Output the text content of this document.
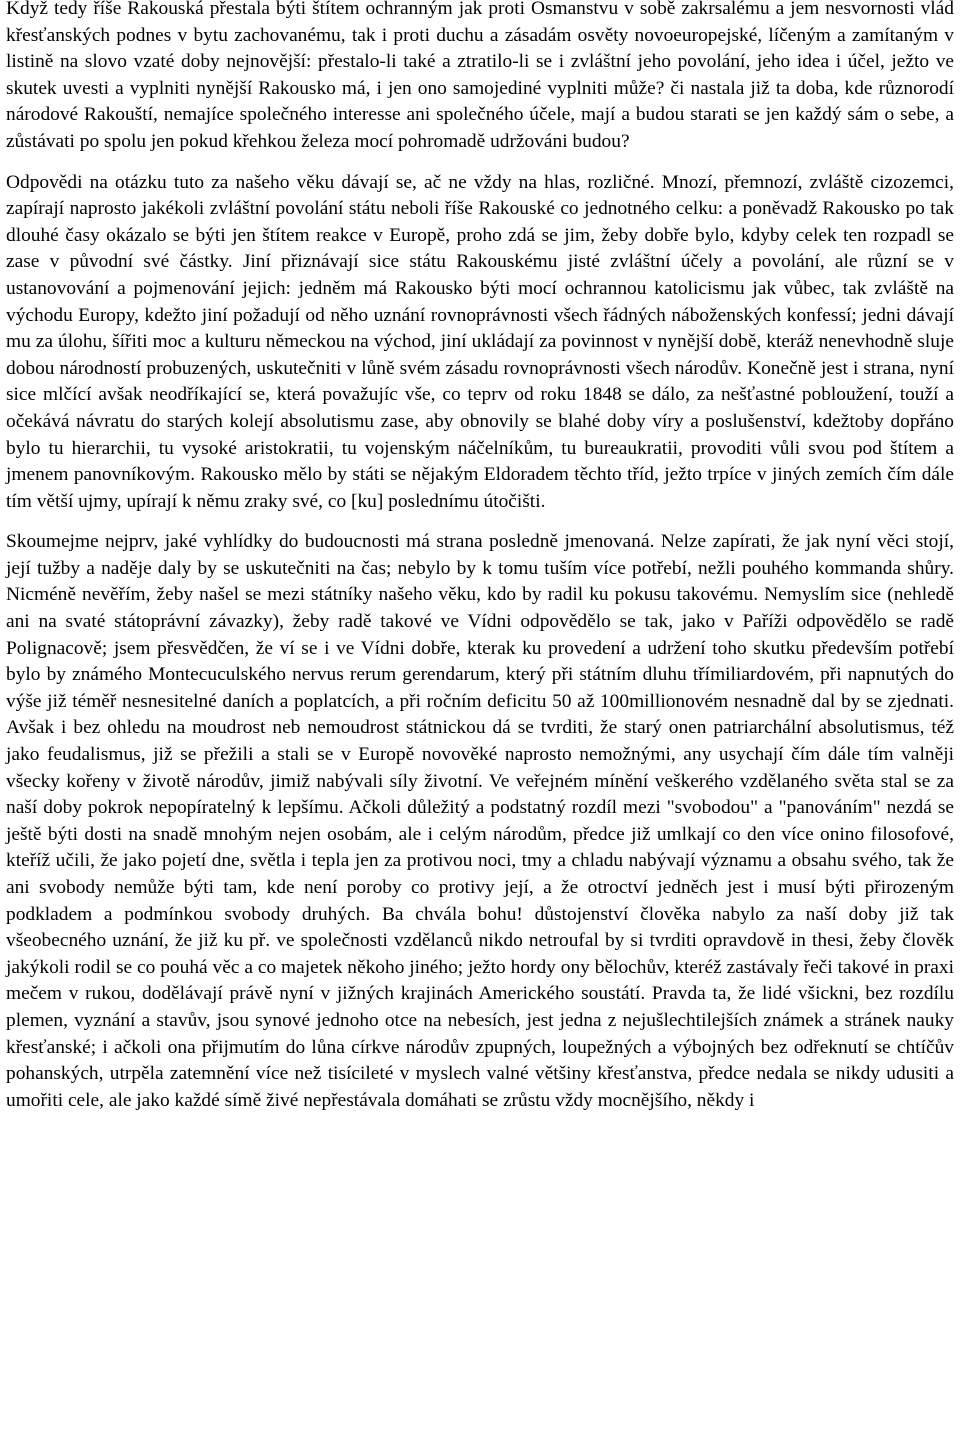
Když tedy říše Rakouská přestala býti štítem ochranným jak proti Osmanstvu v sobě zakrsalému a jem nesvornosti vlád křesťanských podnes v bytu zachovanému, tak i proti duchu a zásadám osvěty novoeuropejské, líčeným a zamítaným v listině na slovo vzaté doby nejnovější: přestalo-li také a ztratilo-li se i zvláštní jeho povolání, jeho idea i účel, ježto ve skutek uvesti a vyplniti nynější Rakousko má, i jen ono samojediné vyplniti může? či nastala již ta doba, kde různorodí národové Rakouští, nemajíce společného interesse ani společného účele, mají a budou starati se jen každý sám o sebe, a zůstávati po spolu jen pokud křehkou železa mocí pohromadě udržováni budou?

Odpovědi na otázku tuto za našeho věku dávají se, ač ne vždy na hlas, rozličné. Mnozí, přemnozí, zvláště cizozemci, zapírají naprosto jakékoli zvláštní povolání státu neboli říše Rakouské co jednotného celku: a poněvadž Rakousko po tak dlouhé časy okázalo se býti jen štítem reakce v Europě, proho zdá se jim, žeby dobře bylo, kdyby celek ten rozpadl se zase v původní své částky. Jiní přiznávají sice státu Rakouskému jisté zvláštní účely a povolání, ale různí se v ustanovování a pojmenování jejich: jedněm má Rakousko býti mocí ochrannou katolicismu jak vůbec, tak zvláště na východu Europy, kdežto jiní požadují od něho uznání rovnoprávnosti všech řádných náboženských konfessí; jedni dávají mu za úlohu, šířiti moc a kulturu německou na východ, jiní ukládají za povinnost v nynější době, kteráž nenevhodně sluje dobou národností probuzených, uskutečniti v lůně svém zásadu rovnoprávnosti všech národův. Konečně jest i strana, nyní sice mlčící avšak neodříkající se, která považujíc vše, co teprv od roku 1848 se dálo, za nešťastné pobloužení, touží a očekává návratu do starých kolejí absolutismu zase, aby obnovily se blahé doby víry a poslušenství, kdežtoby dopřáno bylo tu hierarchii, tu vysoké aristokratii, tu vojenským náčelníkům, tu bureaukratii, provoditi vůli svou pod štítem a jmenem panovníkovým. Rakousko mělo by státi se nějakým Eldoradem těchto tříd, ježto trpíce v jiných zemích čím dále tím větší ujmy, upírají k němu zraky své, co [ku] poslednímu útočišti.

Skoumejme nejprv, jaké vyhlídky do budoucnosti má strana posledně jmenovaná. Nelze zapírati, že jak nyní věci stojí, její tužby a naděje daly by se uskutečniti na čas; nebylo by k tomu tuším více potřebí, nežli pouhého kommanda shůry. Nicméně nevěřím, žeby našel se mezi státníky našeho věku, kdo by radil ku pokusu takovému. Nemyslím sice (nehledě ani na svaté státoprávní závazky), žeby radě takové ve Vídni odpovědělo se tak, jako v Paříži odpovědělo se radě Polignacově; jsem přesvědčen, že ví se i ve Vídni dobře, kterak ku provedení a udržení toho skutku především potřebí bylo by známého Montecuculského nervus rerum gerendarum, který při státním dluhu třímiliardovém, při napnutých do výše již téměř nesnesitelné daních a poplatcích, a při ročním deficitu 50 až 100millionovém nesnadně dal by se zjednati. Avšak i bez ohledu na moudrost neb nemoudrost státnickou dá se tvrditi, že starý onen patriarchální absolutismus, též jako feudalismus, již se přežili a stali se v Europě novověké naprosto nemožnými, any usychají čím dále tím valněji všecky kořeny v životě národův, jimiž nabývali síly životní. Ve veřejném mínění veškerého vzdělaného světa stal se za naší doby pokrok nepopíratelný k lepšímu. Ačkoli důležitý a podstatný rozdíl mezi "svobodou" a "panováním" nezdá se ještě býti dosti na snadě mnohým nejen osobám, ale i celým národům, předce již umlkají co den více onino filosofové, kteříž učili, že jako pojetí dne, světla i tepla jen za protivou noci, tmy a chladu nabývají významu a obsahu svého, tak že ani svobody nemůže býti tam, kde není poroby co protivy její, a že otroctví jedněch jest i musí býti přirozeným podkladem a podmínkou svobody druhých. Ba chvála bohu! důstojenství člověka nabylo za naší doby již tak všeobecného uznání, že již ku př. ve společnosti vzdělanců nikdo netroufal by si tvrditi opravdově in thesi, žeby člověk jakýkoli rodil se co pouhá věc a co majetek někoho jiného; ježto hordy ony bělochův, kteréž zastávaly řeči takové in praxi mečem v rukou, dodělávají právě nyní v jižných krajinách Amerického soustátí. Pravda ta, že lidé všickni, bez rozdílu plemen, vyznání a stavův, jsou synové jednoho otce na nebesích, jest jedna z nejušlechtilejších známek a stránek nauky křesťanské; i ačkoli ona přijmutím do lůna církve národův zpupných, loupežných a výbojných bez odřeknutí se chtíčův pohanských, utrpěla zatemnění více než tisícileté v myslech valné většiny křesťanstva, předce nedala se nikdy udusiti a umořiti cele, ale jako každé símě živé nepřestávala domáhati se zrůstu vždy mocnějšího, někdy i
